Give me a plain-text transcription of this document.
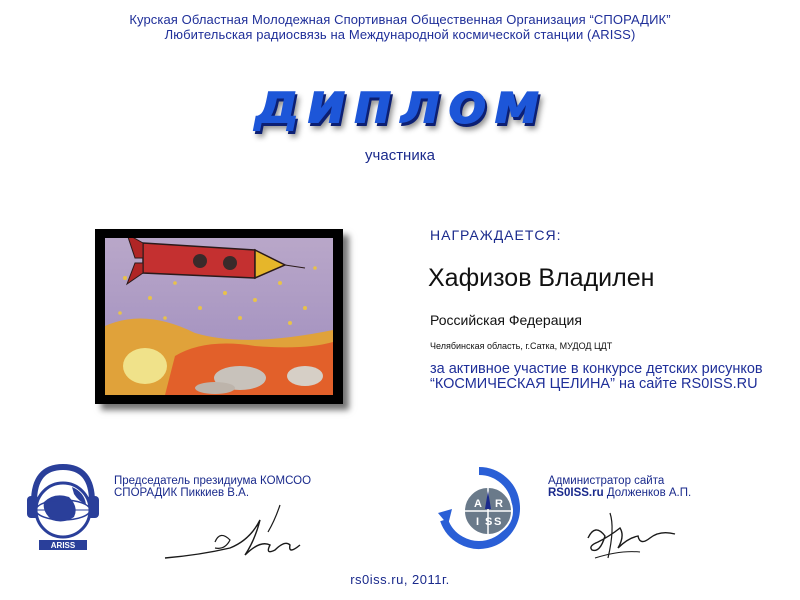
Курская Областная Молодежная Спортивная Общественная Организация “СПОРАДИК”
Любительская радиосвязь на Международной космической станции (ARISS)
диплом
участника
НАГРАЖДАЕТСЯ:
Хафизов Владилен
Российская Федерация
Челябинская область, г.Сатка, МУДОД ЦДТ
за активное участие в конкурсе детских рисунков “КОСМИЧЕСКАЯ ЦЕЛИНА” на сайте RS0ISS.RU
ARISS
Председатель президиума КОМСОО
СПОРАДИК Пиккиев В.А.
A R
I S S
Администратор сайта
RS0ISS.ru Долженков А.П.
rs0iss.ru, 2011г.
